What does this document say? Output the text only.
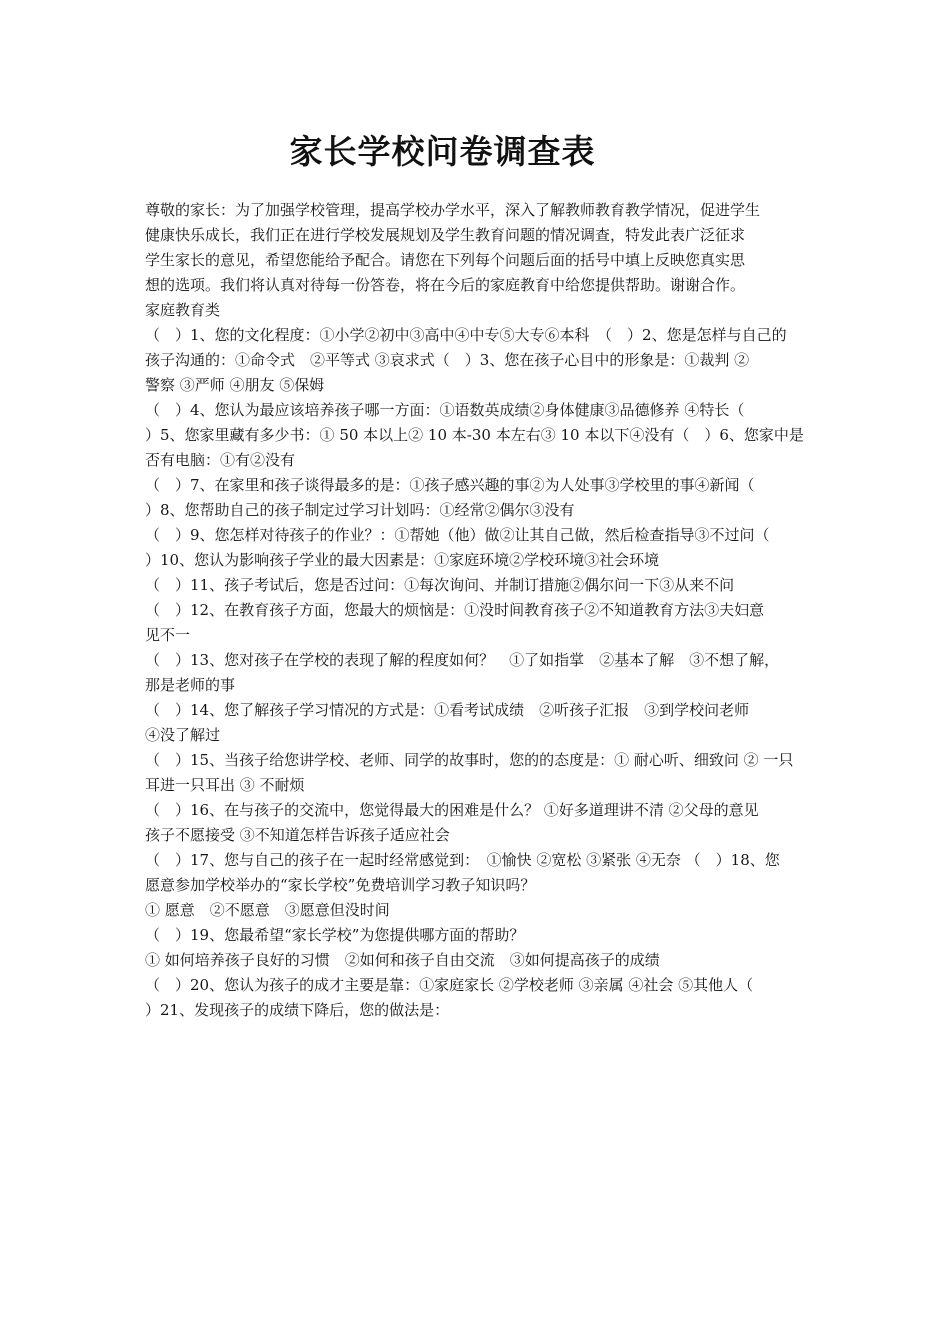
家长学校问卷调查表
尊敬的家长：为了加强学校管理，提高学校办学水平，深入了解教师教育教学情况，促进学生
健康快乐成长，我们正在进行学校发展规划及学生教育问题的情况调查，特发此表广泛征求
学生家长的意见，希望您能给予配合。请您在下列每个问题后面的括号中填上反映您真实思
想的选项。我们将认真对待每一份答卷，将在今后的家庭教育中给您提供帮助。谢谢合作。
家庭教育类
（　）1、您的文化程度：①小学②初中③高中④中专⑤大专⑥本科　（　）2、您是怎样与自己的
孩子沟通的：①命令式　②平等式 ③哀求式（　）3、您在孩子心目中的形象是：①裁判 ②
警察 ③严师 ④朋友 ⑤保姆
（　）4、您认为最应该培养孩子哪一方面：①语数英成绩②身体健康③品德修养 ④特长（
）5、您家里藏有多少书：① 50 本以上② 10 本-30 本左右③ 10 本以下④没有（　）6、您家中是
否有电脑：①有②没有
（　）7、在家里和孩子谈得最多的是：①孩子感兴趣的事②为人处事③学校里的事④新闻（
）8、您帮助自己的孩子制定过学习计划吗：①经常②偶尔③没有
（　）9、您怎样对待孩子的作业？：①帮她（他）做②让其自己做，然后检查指导③不过问（
）10、您认为影响孩子学业的最大因素是：①家庭环境②学校环境③社会环境
（　）11、孩子考试后，您是否过问：①每次询问、并制订措施②偶尔问一下③从来不问
（　）12、在教育孩子方面，您最大的烦恼是：①没时间教育孩子②不知道教育方法③夫妇意
见不一
（　）13、您对孩子在学校的表现了解的程度如何？　①了如指掌　②基本了解　③不想了解，
那是老师的事
（　）14、您了解孩子学习情况的方式是：①看考试成绩　②听孩子汇报　③到学校问老师
④没了解过
（　）15、当孩子给您讲学校、老师、同学的故事时，您的的态度是：① 耐心听、细致问 ② 一只
耳进一只耳出 ③ 不耐烦
（　）16、在与孩子的交流中，您觉得最大的困难是什么？ ①好多道理讲不清 ②父母的意见
孩子不愿接受 ③不知道怎样告诉孩子适应社会
（　）17、您与自己的孩子在一起时经常感觉到：　①愉快 ②宽松 ③紧张 ④无奈 （　）18、您
愿意参加学校举办的“家长学校”免费培训学习教子知识吗？
① 愿意　②不愿意　③愿意但没时间
（　）19、您最希望“家长学校”为您提供哪方面的帮助？
① 如何培养孩子良好的习惯　②如何和孩子自由交流　③如何提高孩子的成绩
（　）20、您认为孩子的成才主要是靠：①家庭家长 ②学校老师 ③亲属 ④社会 ⑤其他人（
）21、发现孩子的成绩下降后，您的做法是：
